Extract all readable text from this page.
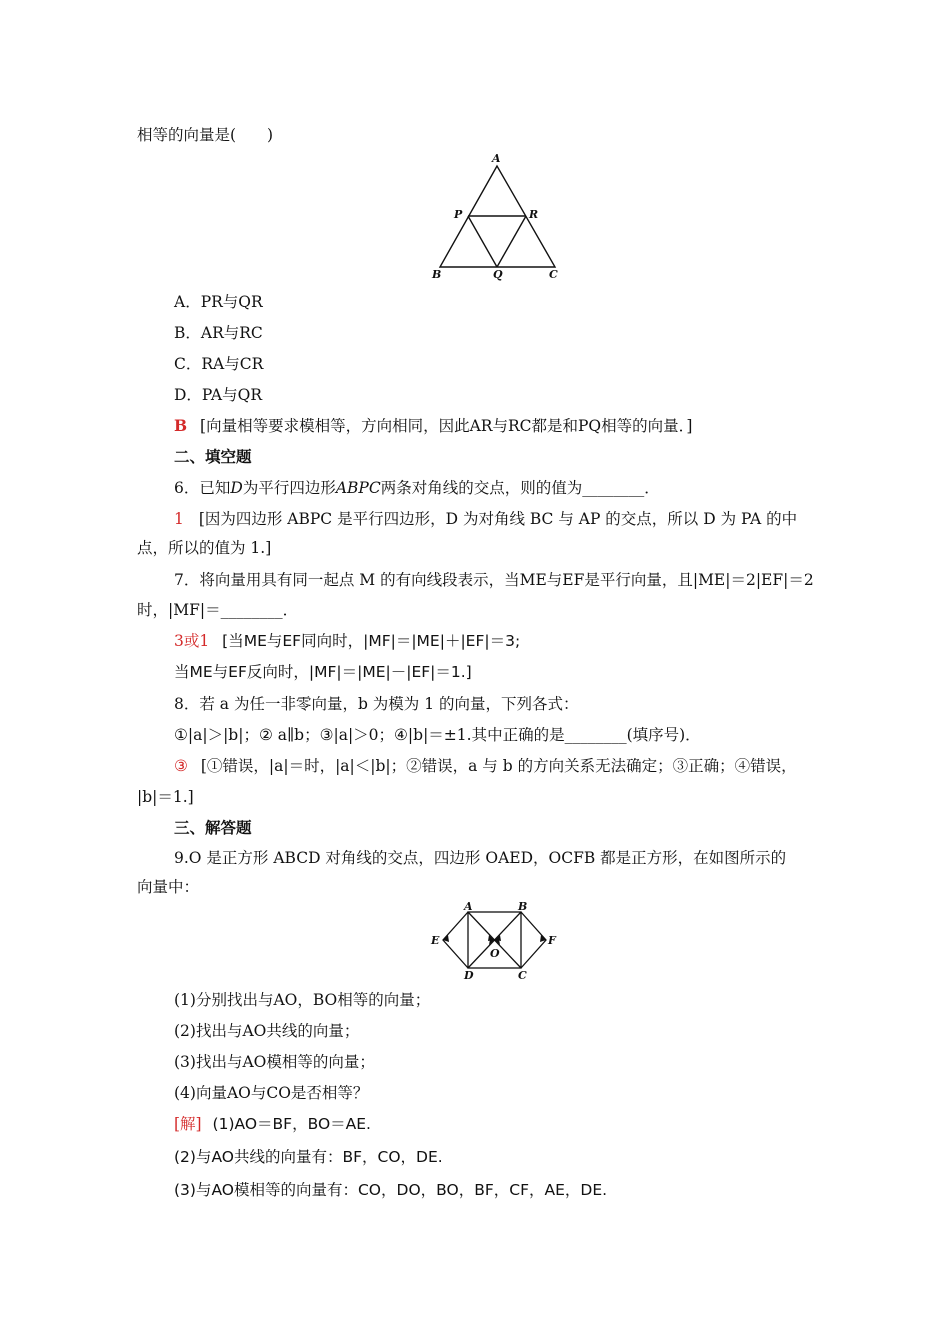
相等的向量是(　　)
A
P	R
B	Q	C
A．PR与QR
B．AR与RC
C．RA与CR
D．PA与QR
B [向量相等要求模相等，方向相同，因此AR与RC都是和PQ相等的向量．]
二、填空题
6．已知D为平行四边形ABPC两条对角线的交点，则的值为________．
1 [因为四边形 ABPC 是平行四边形，D 为对角线 BC 与 AP 的交点，所以 D 为 PA 的中
点，所以的值为 1.]
7．将向量用具有同一起点 M 的有向线段表示，当ME与EF是平行向量，且|ME|＝2|EF|＝2
时，|MF|＝________．
3或1 [当ME与EF同向时，|MF|＝|ME|＋|EF|＝3;
当ME与EF反向时，|MF|＝|ME|－|EF|＝1.]
8．若 a 为任一非零向量，b 为模为 1 的向量，下列各式：
①|a|＞|b|；② a∥b；③|a|＞0；④|b|＝±1.其中正确的是________(填序号)．
③ [①错误，|a|＝时，|a|＜|b|；②错误，a 与 b 的方向关系无法确定；③正确；④错误，
|b|＝1.]
三、解答题
9.O 是正方形 ABCD 对角线的交点，四边形 OAED，OCFB 都是正方形，在如图所示的
向量中：
A	B
E
O
F
D	C
(1)分别找出与AO，BO相等的向量；
(2)找出与AO共线的向量；
(3)找出与AO模相等的向量；
(4)向量AO与CO是否相等？
[解] (1)AO＝BF，BO＝AE.
(2)与AO共线的向量有：BF，CO，DE.
(3)与AO模相等的向量有：CO，DO，BO，BF，CF，AE，DE.
